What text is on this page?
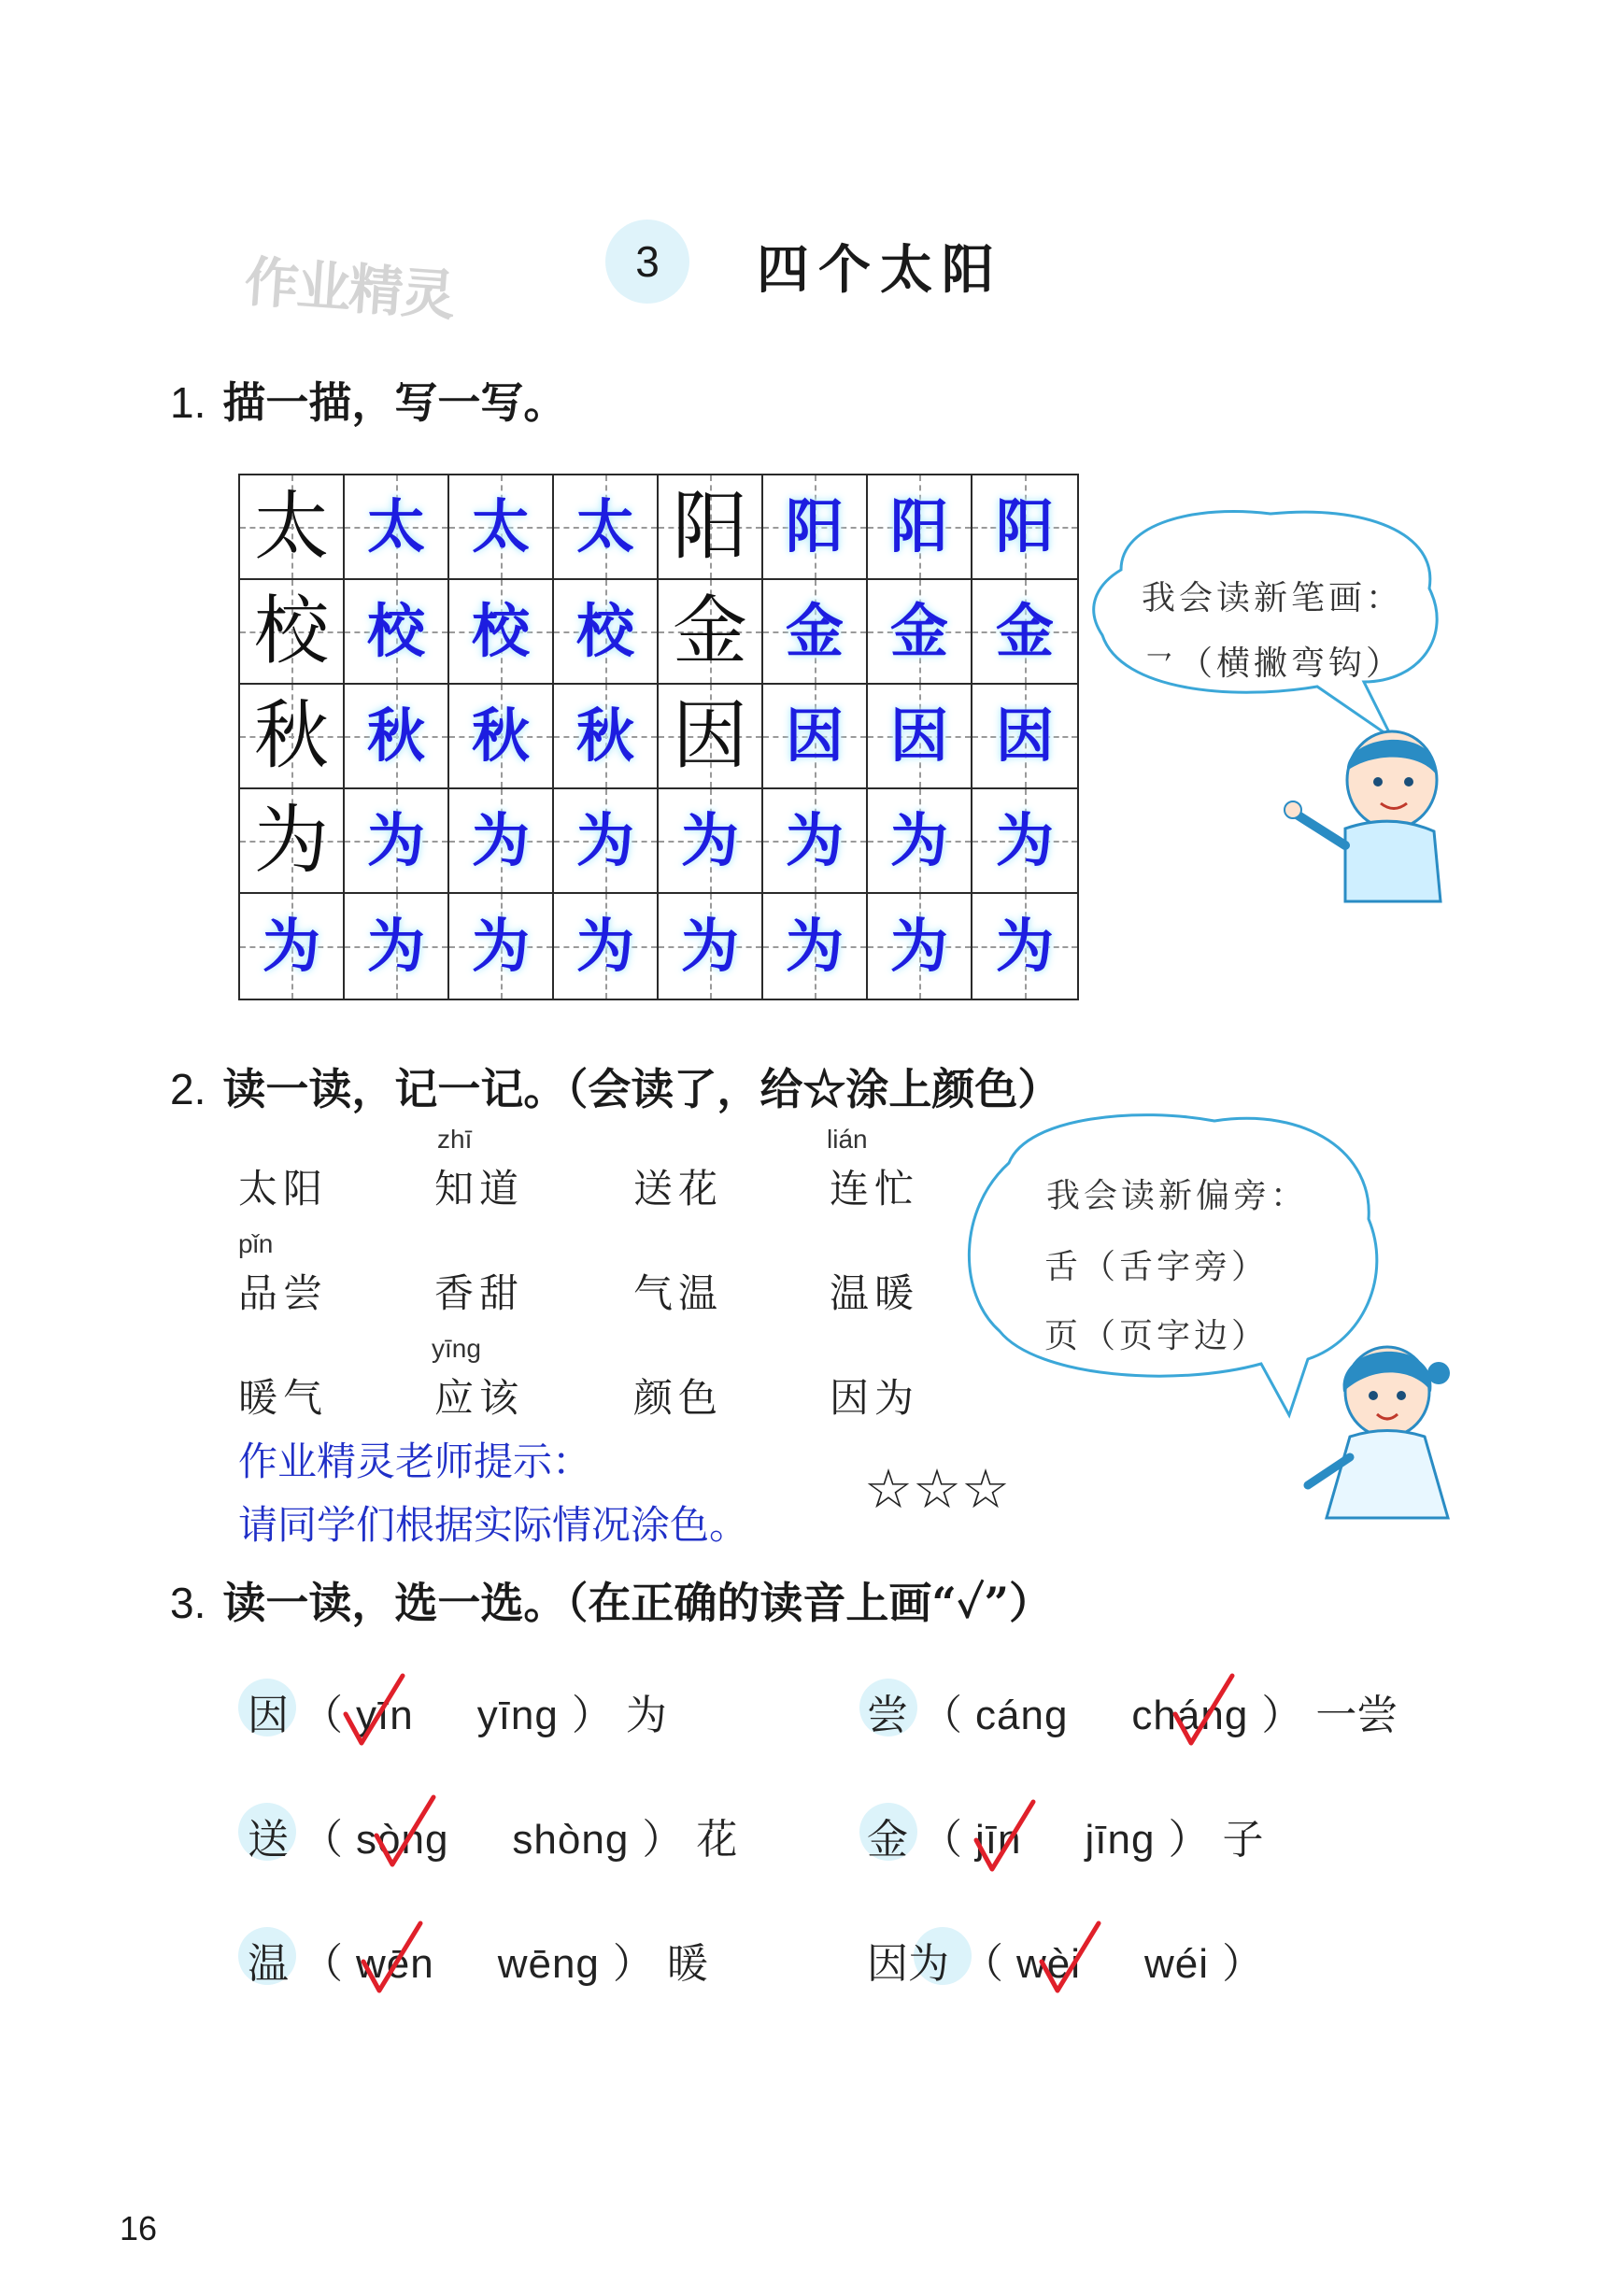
3 四个太阳
作业精灵
1. 描一描，写一写。
太 太 太 太 阳 阳 阳 阳
校 校 校 校 金 金 金 金
秋 秋 秋 秋 因 因 因 因
为 为 为 为 为 为 为 为
为 为 为 为 为 为 为 为
我会读新笔画：
㇖（横撇弯钩）
2. 读一读，记一记。（会读了，给☆涂上颜色）
zhī	lián
pǐn
yīng
太阳	知道	送花	连忙
品尝	香甜	气温	温暖
暖气	应该	颜色	因为
作业精灵老师提示：
请同学们根据实际情况涂色。
☆☆☆
我会读新偏旁：
舌（舌字旁）
页（页字边）
3. 读一读，选一选。（在正确的读音上画“✓”）
因 （ yīn yīng ） 为	尝 （ cáng cháng ） 一尝
送 （ sòng shòng ） 花	金 （ jīn jīng ） 子
温 （ wēn wēng ） 暖	因为 （ wèi wéi ）
16
